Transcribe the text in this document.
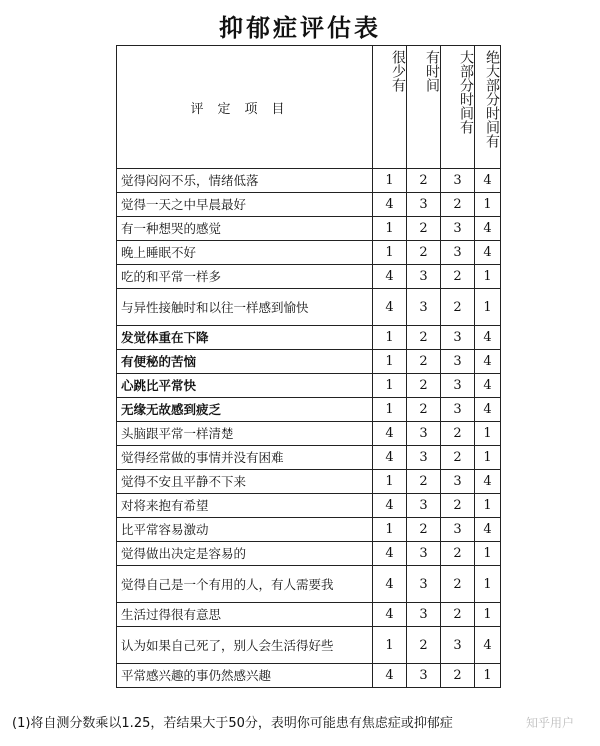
抑郁症评估表
评定项目	很少有	有时间	大部分时间有	绝大部分时间有
觉得闷闷不乐，情绪低落	1	2	3	4
觉得一天之中早晨最好	4	3	2	1
有一种想哭的感觉	1	2	3	4
晚上睡眠不好	1	2	3	4
吃的和平常一样多	4	3	2	1
与异性接触时和以往一样感到愉快	4	3	2	1
发觉体重在下降	1	2	3	4
有便秘的苦恼	1	2	3	4
心跳比平常快	1	2	3	4
无缘无故感到疲乏	1	2	3	4
头脑跟平常一样清楚	4	3	2	1
觉得经常做的事情并没有困难	4	3	2	1
觉得不安且平静不下来	1	2	3	4
对将来抱有希望	4	3	2	1
比平常容易激动	1	2	3	4
觉得做出决定是容易的	4	3	2	1
觉得自己是一个有用的人，有人需要我	4	3	2	1
生活过得很有意思	4	3	2	1
认为如果自己死了，别人会生活得好些	1	2	3	4
平常感兴趣的事仍然感兴趣	4	3	2	1
(1)将自测分数乘以1.25，若结果大于50分，表明你可能患有焦虑症或抑郁症	知乎用户
